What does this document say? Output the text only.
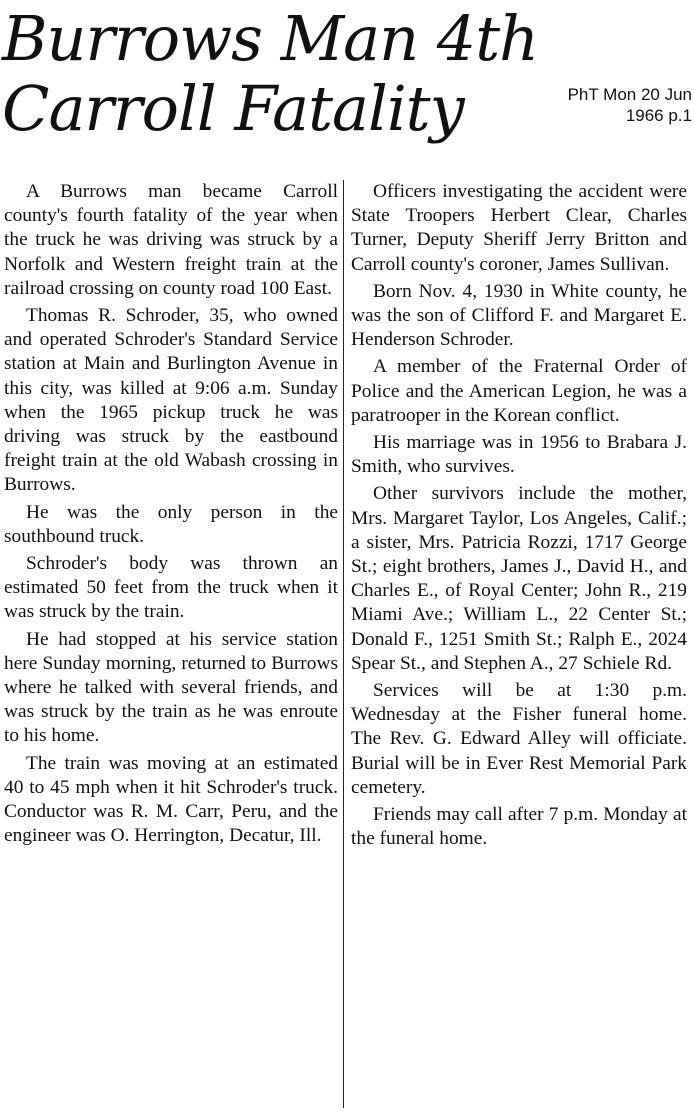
Burrows Man 4th
Carroll Fatality	PhT Mon 20 Jun
1966 p.1

A Burrows man became Carroll county's fourth fatality of the year when the truck he was driving was struck by a Norfolk and Western freight train at the railroad crossing on county road 100 East.

Thomas R. Schroder, 35, who owned and operated Schroder's Standard Service station at Main and Burlington Avenue in this city, was killed at 9:06 a.m. Sunday when the 1965 pickup truck he was driving was struck by the eastbound freight train at the old Wabash crossing in Burrows.

He was the only person in the southbound truck.

Schroder's body was thrown an estimated 50 feet from the truck when it was struck by the train.

He had stopped at his service station here Sunday morning, returned to Burrows where he talked with several friends, and was struck by the train as he was enroute to his home.

The train was moving at an estimated 40 to 45 mph when it hit Schroder's truck. Conductor was R. M. Carr, Peru, and the engineer was O. Herrington, Decatur, Ill.

Officers investigating the accident were State Troopers Herbert Clear, Charles Turner, Deputy Sheriff Jerry Britton and Carroll county's coroner, James Sullivan.

Born Nov. 4, 1930 in White county, he was the son of Clifford F. and Margaret E. Henderson Schroder.

A member of the Fraternal Order of Police and the American Legion, he was a paratrooper in the Korean conflict.

His marriage was in 1956 to Brabara J. Smith, who survives.

Other survivors include the mother, Mrs. Margaret Taylor, Los Angeles, Calif.; a sister, Mrs. Patricia Rozzi, 1717 George St.; eight brothers, James J., David H., and Charles E., of Royal Center; John R., 219 Miami Ave.; William L., 22 Center St.; Donald F., 1251 Smith St.; Ralph E., 2024 Spear St., and Stephen A., 27 Schiele Rd.

Services will be at 1:30 p.m. Wednesday at the Fisher funeral home. The Rev. G. Edward Alley will officiate. Burial will be in Ever Rest Memorial Park cemetery.

Friends may call after 7 p.m. Monday at the funeral home.
